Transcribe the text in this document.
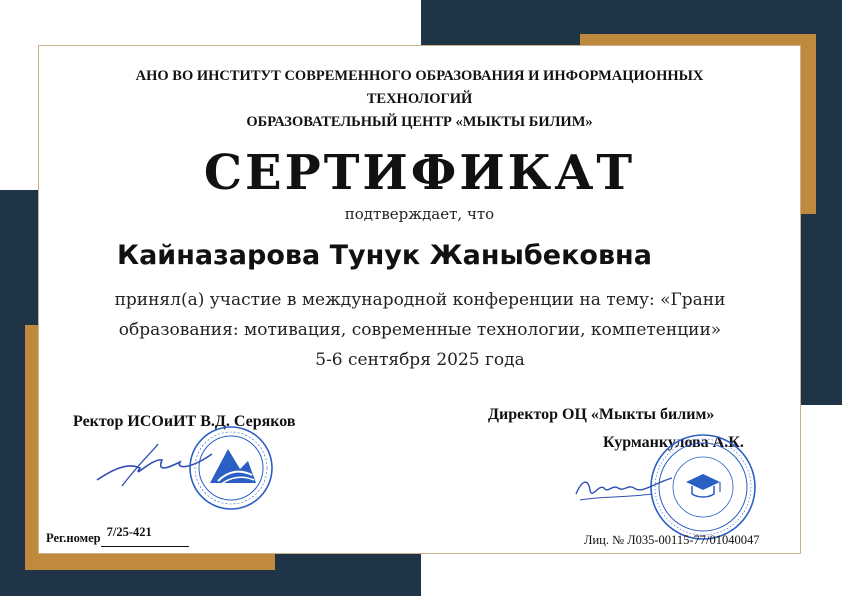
АНО ВО ИНСТИТУТ СОВРЕМЕННОГО ОБРАЗОВАНИЯ И ИНФОРМАЦИОННЫХ
ТЕХНОЛОГИЙ
ОБРАЗОВАТЕЛЬНЫЙ ЦЕНТР «МЫКТЫ БИЛИМ»
СЕРТИФИКАТ
подтверждает, что
Кайназарова Тунук Жаныбековна
принял(а) участие в международной конференции на тему: «Грани
образования: мотивация, современные технологии, компетенции»
5-6 сентября 2025 года
Ректор ИСОиИТ В.Д. Серяков	Директор ОЦ «Мыкты билим»
Курманкулова А.К.
Рег.номер 7/25-421
Лиц. № Л035-00115-77/01040047
